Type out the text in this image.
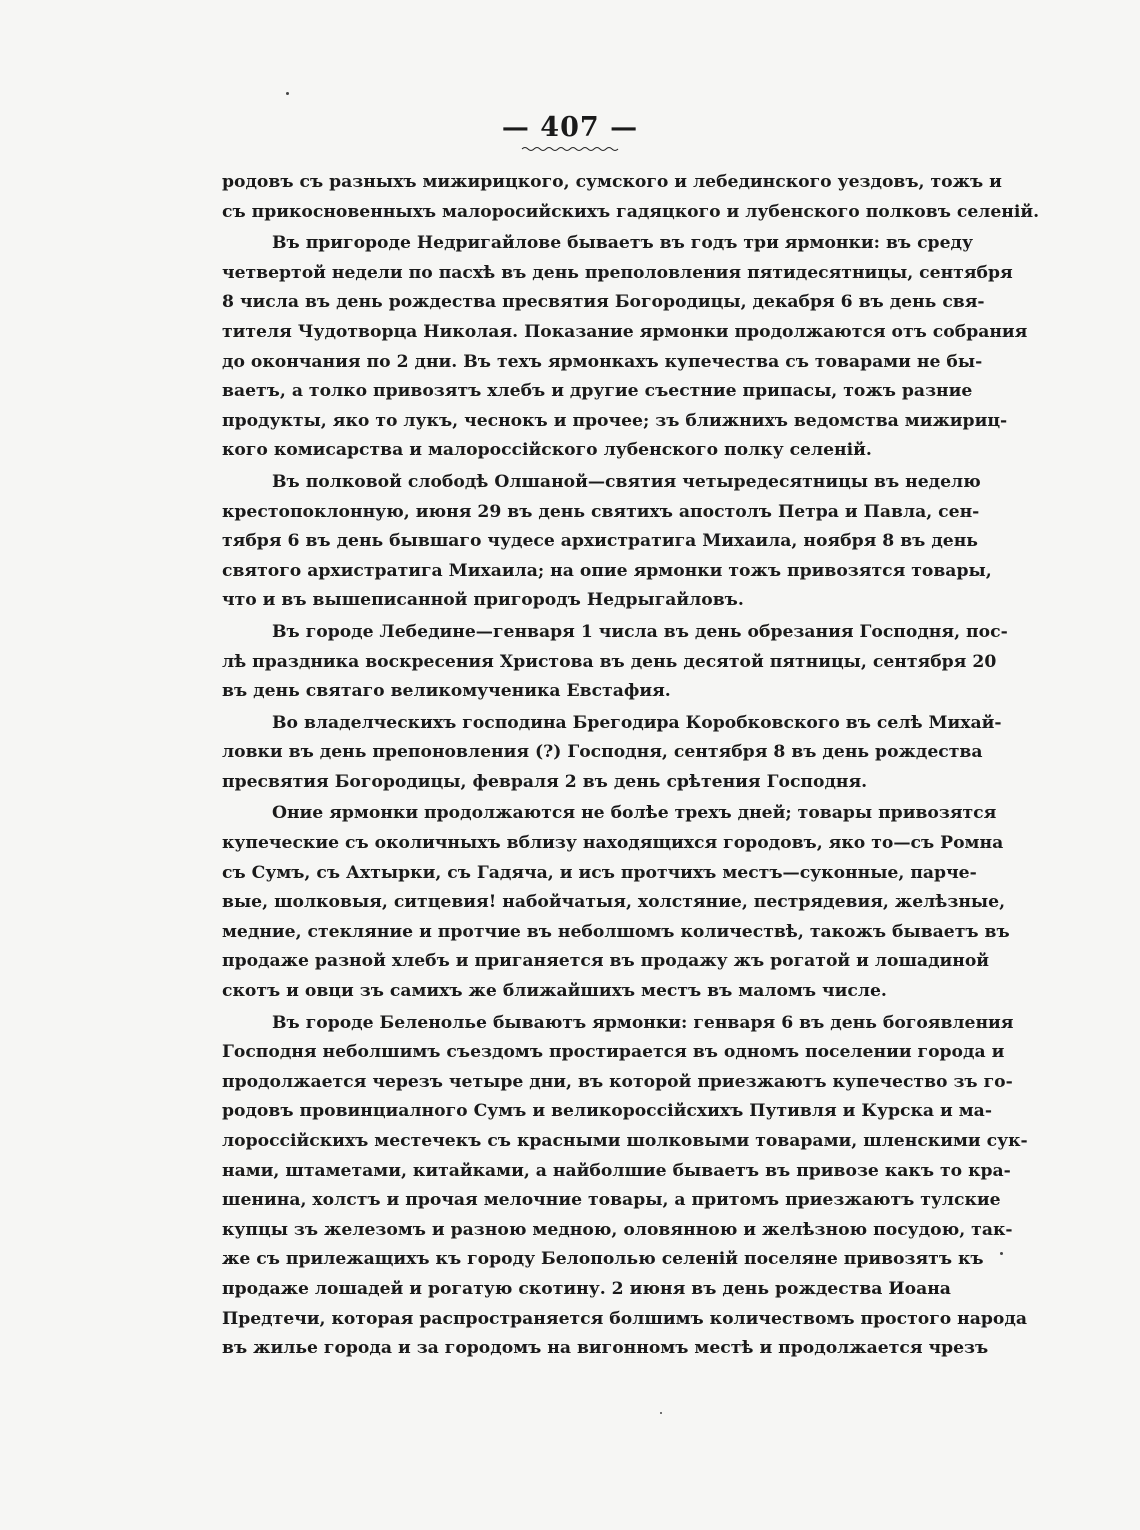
— 407 —
родовъ съ разныхъ мижирицкого, сумского и лебединского уездовъ, тожъ и
съ прикосновенныхъ малоросийскихъ гадяцкого и лубенского полковъ селеній.
Въ пригороде Недригайлове бываетъ въ годъ три ярмонки: въ среду
четвертой недели по пасхѣ въ день преполовления пятидесятницы, сентября
8 числа въ день рождества пресвятия Богородицы, декабря 6 въ день свя-
тителя Чудотворца Николая. Показание ярмонки продолжаются отъ собрания
до окончания по 2 дни. Въ техъ ярмонкахъ купечества съ товарами не бы-
ваетъ, а толко привозятъ хлебъ и другие съестние припасы, тожъ разние
продукты, яко то лукъ, чеснокъ и прочее; зъ ближнихъ ведомства мижириц-
кого комисарства и малороссійского лубенского полку селеній.
Въ полковой слободѣ Олшаной—святия четыредесятницы въ неделю
крестопоклонную, июня 29 въ день святихъ апостолъ Петра и Павла, сен-
тября 6 въ день бывшаго чудесе архистратига Михаила, ноября 8 въ день
святого архистратига Михаила; на опие ярмонки тожъ привозятся товары,
что и въ вышеписанной пригородъ Недрыгайловъ.
Въ городе Лебедине—генваря 1 числа въ день обрезания Господня, пос-
лѣ праздника воскресения Христова въ день десятой пятницы, сентября 20
въ день святаго великомученика Евстафия.
Во владелческихъ господина Брегодира Коробковского въ селѣ Михай-
ловки въ день препоновления (?) Господня, сентября 8 въ день рождества
пресвятия Богородицы, февраля 2 въ день срѣтения Господня.
Оние ярмонки продолжаются не болѣе трехъ дней; товары привозятся
купеческие съ околичныхъ вблизу находящихся городовъ, яко то—съ Ромна
съ Сумъ, съ Ахтырки, съ Гадяча, и исъ протчихъ местъ—суконные, парче-
вые, шолковыя, ситцевия! набойчатыя, холстяние, пестрядевия, желѣзные,
медние, стекляние и протчие въ неболшомъ количествѣ, такожъ бываетъ въ
продаже разной хлебъ и приганяется въ продажу жъ рогатой и лошадиной
скотъ и овци зъ самихъ же ближайшихъ местъ въ маломъ числе.
Въ городе Беленолье бываютъ ярмонки: генваря 6 въ день богоявления
Господня неболшимъ съездомъ простирается въ одномъ поселении города и
продолжается черезъ четыре дни, въ которой приезжаютъ купечество зъ го-
родовъ провинциалного Сумъ и великороссійсхихъ Путивля и Курска и ма-
лороссійскихъ местечекъ съ красными шолковыми товарами, шленскими сук-
нами, штаметами, китайками, а найболшие бываетъ въ привозе какъ то кра-
шенина, холстъ и прочая мелочние товары, а притомъ приезжаютъ тулские
купцы зъ железомъ и разною медною, оловянною и желѣзною посудою, так-
же съ прилежащихъ къ городу Белополью селеній поселяне привозятъ къ
продаже лошадей и рогатую скотину. 2 июня въ день рождества Иоана
Предтечи, которая распространяется болшимъ количествомъ простого народа
въ жилье города и за городомъ на вигонномъ местѣ и продолжается чрезъ
